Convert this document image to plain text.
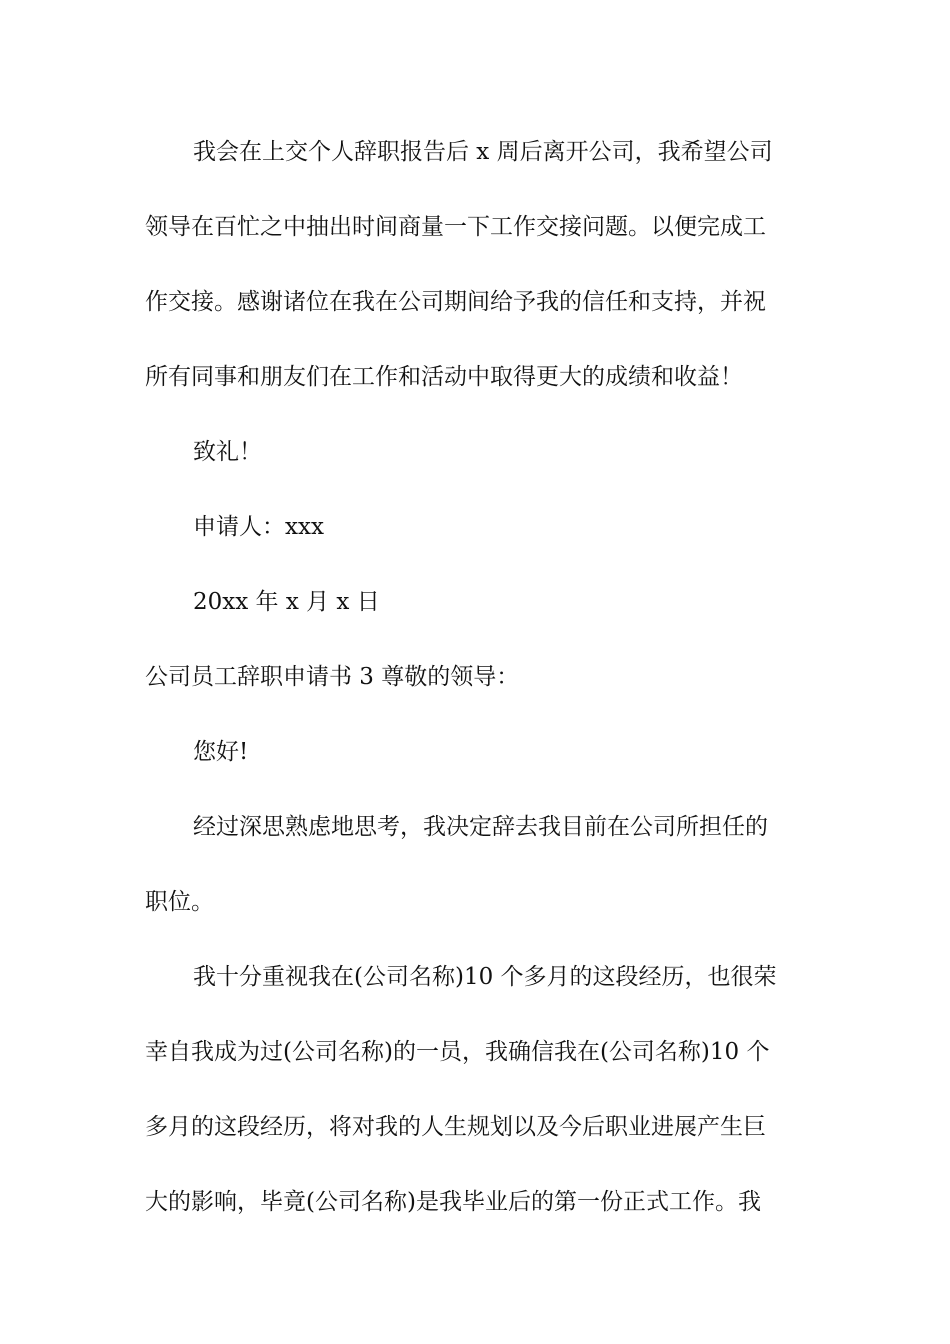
我会在上交个人辞职报告后 x 周后离开公司，我希望公司
领导在百忙之中抽出时间商量一下工作交接问题。以便完成工
作交接。感谢诸位在我在公司期间给予我的信任和支持，并祝
所有同事和朋友们在工作和活动中取得更大的成绩和收益！
致礼！
申请人：xxx
20xx 年 x 月 x 日
公司员工辞职申请书 3 尊敬的领导：
您好!
经过深思熟虑地思考，我决定辞去我目前在公司所担任的
职位。
我十分重视我在(公司名称)10 个多月的这段经历，也很荣
幸自我成为过(公司名称)的一员，我确信我在(公司名称)10 个
多月的这段经历，将对我的人生规划以及今后职业进展产生巨
大的影响，毕竟(公司名称)是我毕业后的第一份正式工作。我
